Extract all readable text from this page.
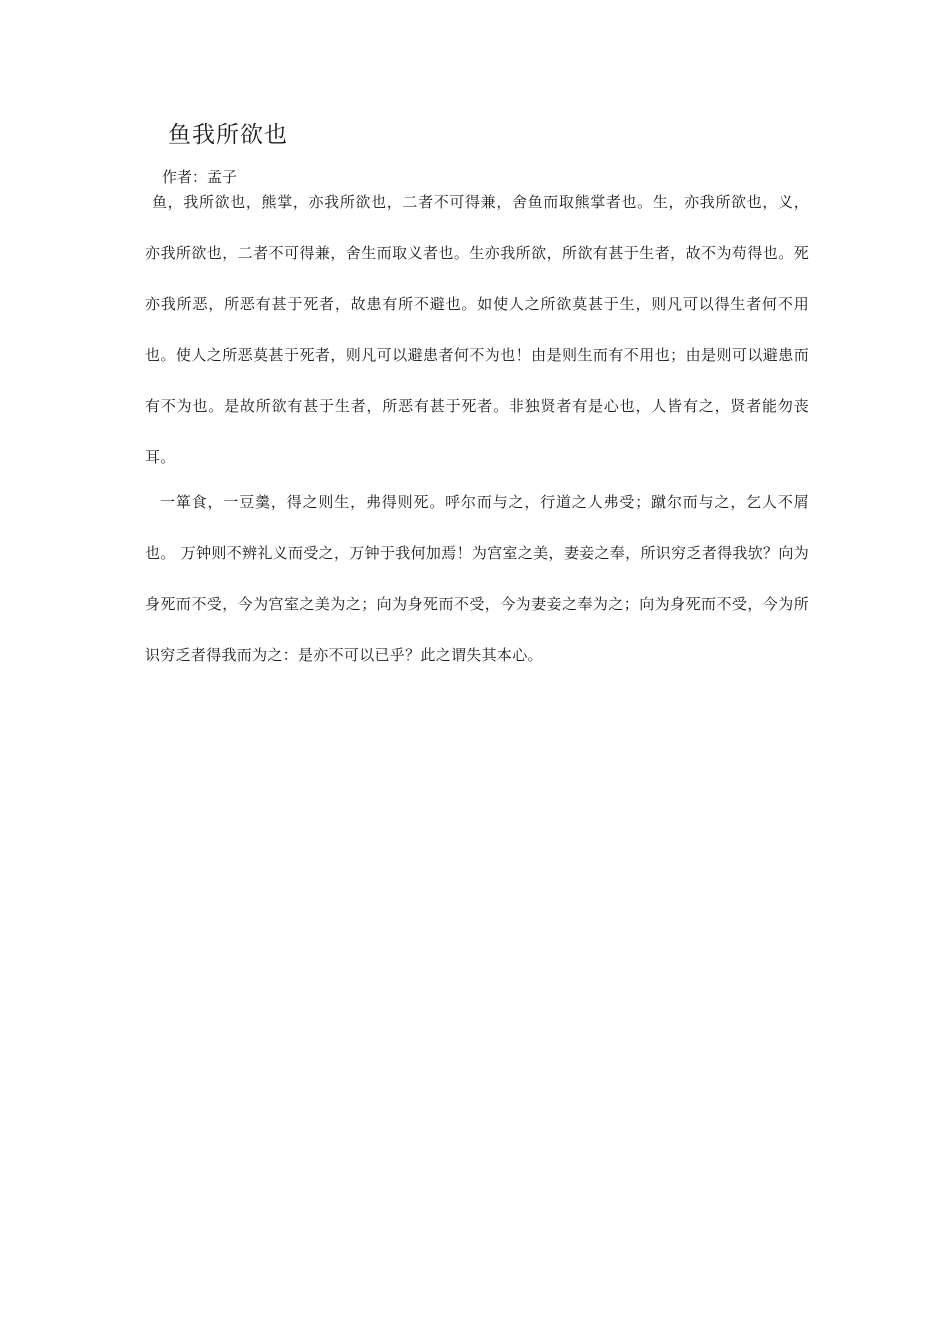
鱼我所欲也

作者：孟子

鱼，我所欲也，熊掌，亦我所欲也，二者不可得兼，舍鱼而取熊掌者也。生，亦我所欲也，义，亦我所欲也，二者不可得兼，舍生而取义者也。生亦我所欲，所欲有甚于生者，故不为苟得也。死亦我所恶，所恶有甚于死者，故患有所不避也。如使人之所欲莫甚于生，则凡可以得生者何不用也。使人之所恶莫甚于死者，则凡可以避患者何不为也！由是则生而有不用也；由是则可以避患而有不为也。是故所欲有甚于生者，所恶有甚于死者。非独贤者有是心也，人皆有之，贤者能勿丧耳。

一箪食，一豆羹，得之则生，弗得则死。呼尔而与之，行道之人弗受；蹴尔而与之，乞人不屑也。 万钟则不辨礼义而受之，万钟于我何加焉！为宫室之美，妻妾之奉，所识穷乏者得我欤？向为身死而不受，今为宫室之美为之；向为身死而不受，今为妻妾之奉为之；向为身死而不受，今为所识穷乏者得我而为之：是亦不可以已乎？此之谓失其本心。
